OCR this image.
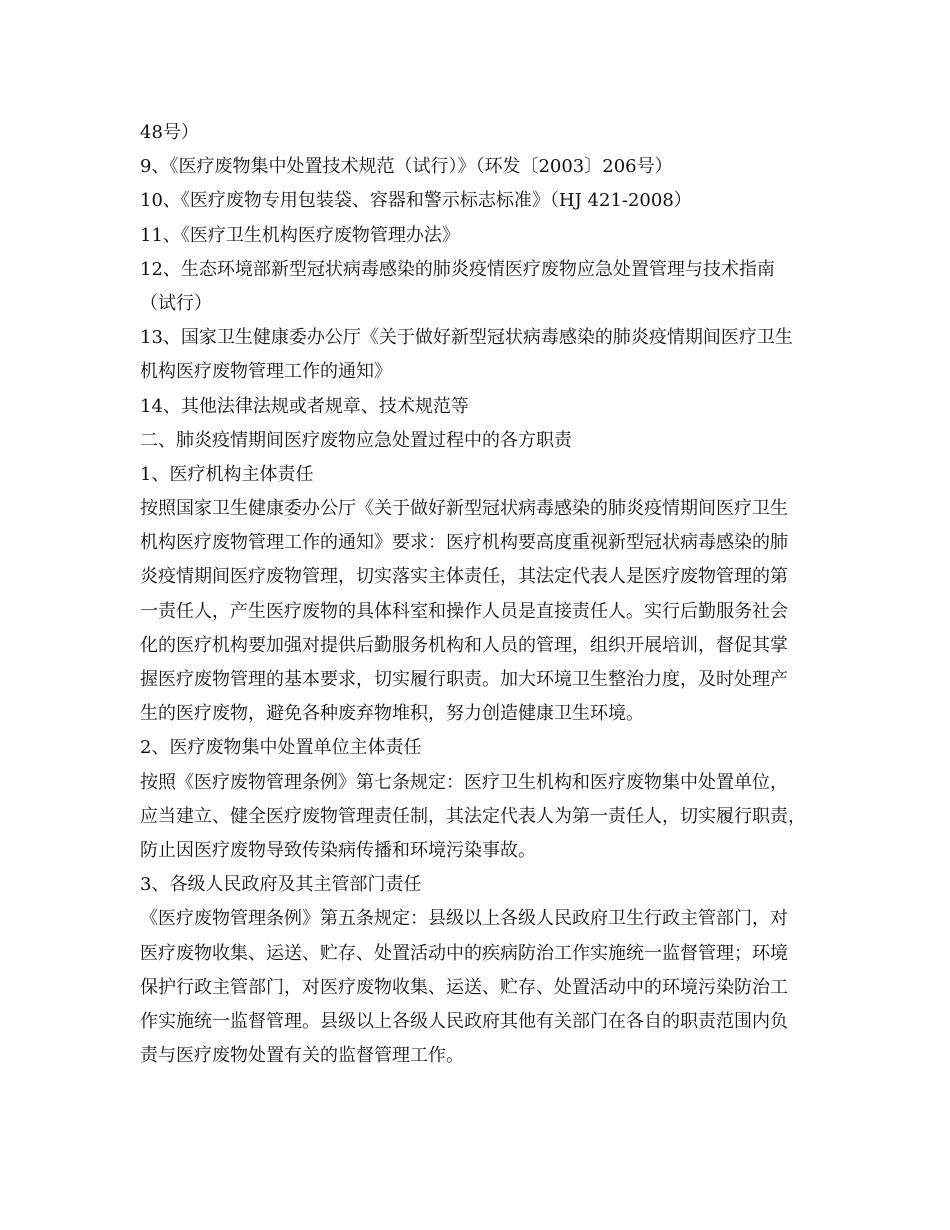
48号）
9、《医疗废物集中处置技术规范（试行）》（环发〔2003〕206号）
10、《医疗废物专用包装袋、容器和警示标志标准》（HJ 421-2008）
11、《医疗卫生机构医疗废物管理办法》
12、生态环境部新型冠状病毒感染的肺炎疫情医疗废物应急处置管理与技术指南
（试行）
13、国家卫生健康委办公厅《关于做好新型冠状病毒感染的肺炎疫情期间医疗卫生
机构医疗废物管理工作的通知》
14、其他法律法规或者规章、技术规范等
二、肺炎疫情期间医疗废物应急处置过程中的各方职责
1、医疗机构主体责任
按照国家卫生健康委办公厅《关于做好新型冠状病毒感染的肺炎疫情期间医疗卫生
机构医疗废物管理工作的通知》要求：医疗机构要高度重视新型冠状病毒感染的肺
炎疫情期间医疗废物管理，切实落实主体责任，其法定代表人是医疗废物管理的第
一责任人，产生医疗废物的具体科室和操作人员是直接责任人。实行后勤服务社会
化的医疗机构要加强对提供后勤服务机构和人员的管理，组织开展培训，督促其掌
握医疗废物管理的基本要求，切实履行职责。加大环境卫生整治力度，及时处理产
生的医疗废物，避免各种废弃物堆积，努力创造健康卫生环境。
2、医疗废物集中处置单位主体责任
按照《医疗废物管理条例》第七条规定：医疗卫生机构和医疗废物集中处置单位，
应当建立、健全医疗废物管理责任制，其法定代表人为第一责任人，切实履行职责，
防止因医疗废物导致传染病传播和环境污染事故。
3、各级人民政府及其主管部门责任
《医疗废物管理条例》第五条规定：县级以上各级人民政府卫生行政主管部门，对
医疗废物收集、运送、贮存、处置活动中的疾病防治工作实施统一监督管理；环境
保护行政主管部门，对医疗废物收集、运送、贮存、处置活动中的环境污染防治工
作实施统一监督管理。县级以上各级人民政府其他有关部门在各自的职责范围内负
责与医疗废物处置有关的监督管理工作。
